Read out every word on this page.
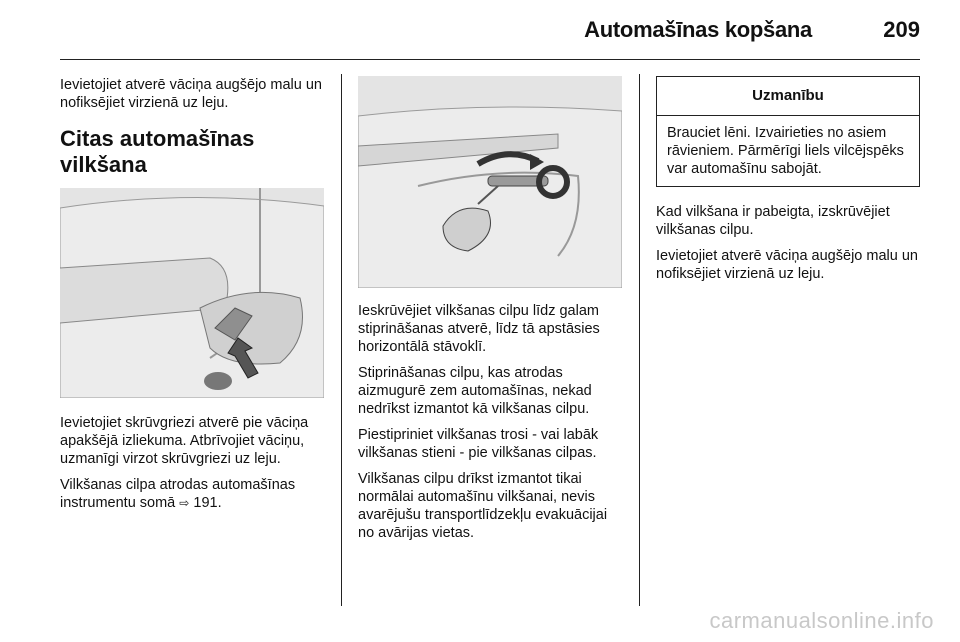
Automašīnas kopšana	209

Ievietojiet atverē vāciņa augšējo malu un nofiksējiet virzienā uz leju.

Citas automašīnas vilkšana

Ievietojiet skrūvgriezi atverē pie vāciņa apakšējā izliekuma. Atbrīvojiet vāciņu, uzmanīgi virzot skrūvgriezi uz leju.

Vilkšanas cilpa atrodas automašīnas instrumentu somā ⇨ 191.

Ieskrūvējiet vilkšanas cilpu līdz galam stiprināšanas atverē, līdz tā apstāsies horizontālā stāvoklī.

Stiprināšanas cilpu, kas atrodas aizmugurē zem automašīnas, nekad nedrīkst izmantot kā vilkšanas cilpu.

Piestipriniet vilkšanas trosi - vai labāk vilkšanas stieni - pie vilkšanas cilpas.

Vilkšanas cilpu drīkst izmantot tikai normālai automašīnu vilkšanai, nevis avarējušu transportlīdzekļu evakuācijai no avārijas vietas.

Uzmanību
Brauciet lēni. Izvairieties no asiem rāvieniem. Pārmērīgi liels vilcējspēks var automašīnu sabojāt.

Kad vilkšana ir pabeigta, izskrūvējiet vilkšanas cilpu.

Ievietojiet atverē vāciņa augšējo malu un nofiksējiet virzienā uz leju.

carmanualsonline.info
